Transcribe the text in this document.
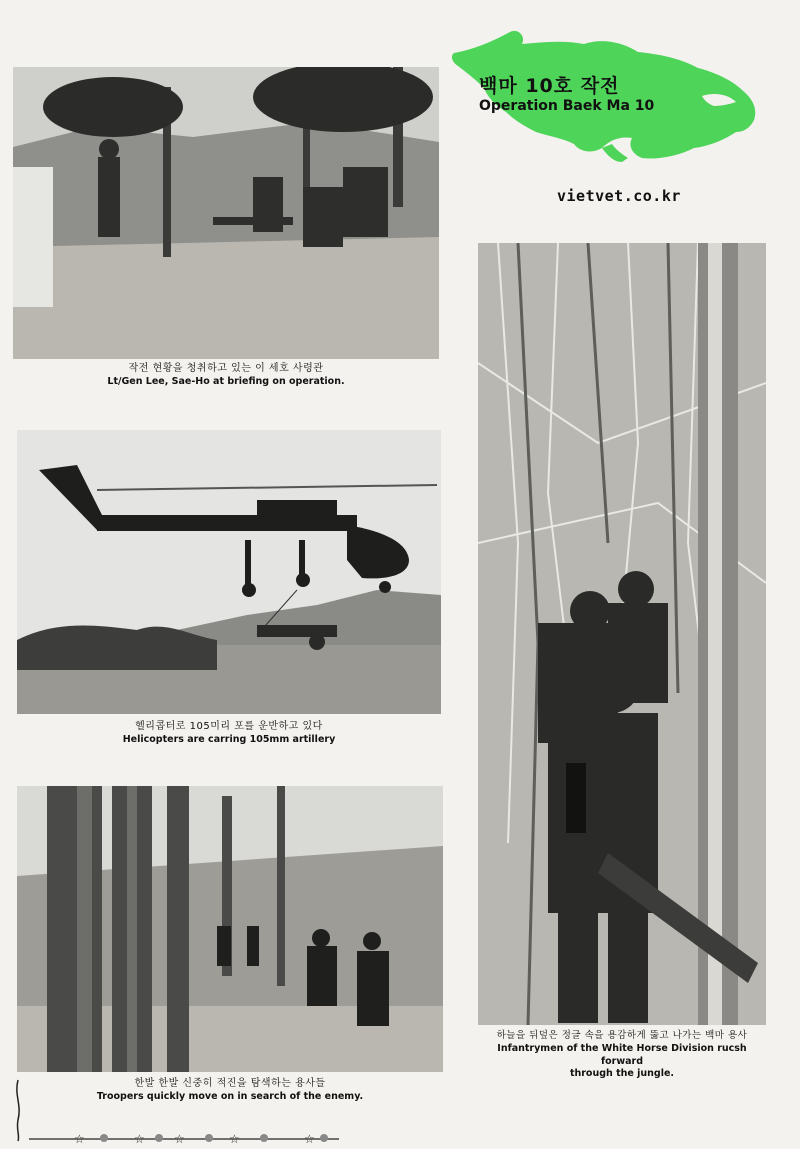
백마 10호 작전
Operation Baek Ma 10
vietvet.co.kr
작전 현황을 청취하고 있는 이 세호 사령관
Lt/Gen Lee, Sae-Ho at briefing on operation.
헬리콥터로 105미리 포를 운반하고 있다
Helicopters are carring 105mm artillery
한발 한발 신중히 적진을 탐색하는 용사들
Troopers quickly move on in search of the enemy.
하늘을 뒤덮은 정글 속을 용감하게 뚫고 나가는 백마 용사
Infantrymen of the White Horse Division rucsh forward
through the jungle.
☆	☆ ☆	☆	☆
